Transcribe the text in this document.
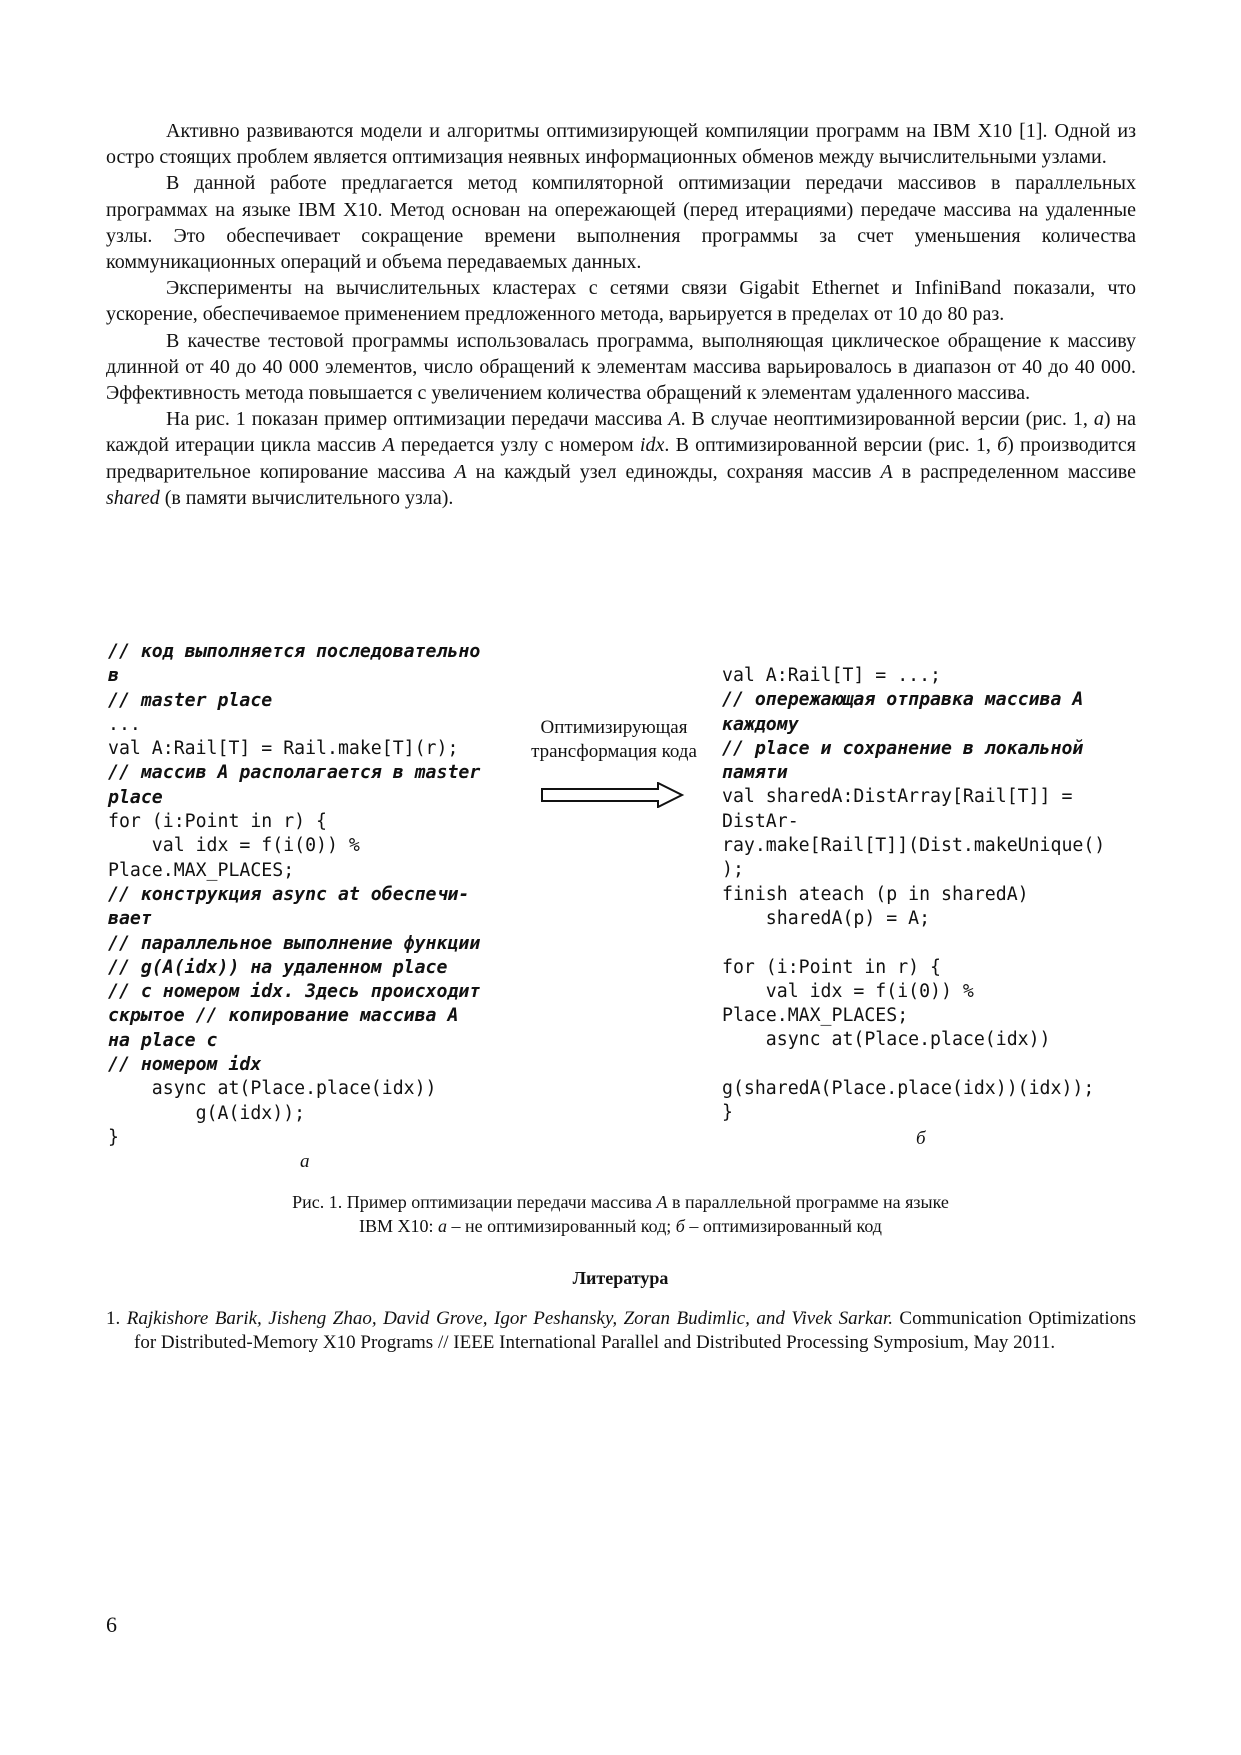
Активно развиваются модели и алгоритмы оптимизирующей компиляции программ на IBM X10 [1]. Одной из остро стоящих проблем является оптимизация неявных информационных обменов между вычислительными узлами.

В данной работе предлагается метод компиляторной оптимизации передачи массивов в параллельных программах на языке IBM X10. Метод основан на опережающей (перед итерациями) передаче массива на удаленные узлы. Это обеспечивает сокращение времени выполнения программы за счет уменьшения количества коммуникационных операций и объема передаваемых данных.

Эксперименты на вычислительных кластерах с сетями связи Gigabit Ethernet и InfiniBand показали, что ускорение, обеспечиваемое применением предложенного метода, варьируется в пределах от 10 до 80 раз.

В качестве тестовой программы использовалась программа, выполняющая циклическое обращение к массиву длинной от 40 до 40 000 элементов, число обращений к элементам массива варьировалось в диапазон от 40 до 40 000. Эффективность метода повышается с увеличением количества обращений к элементам удаленного массива.

На рис. 1 показан пример оптимизации передачи массива A. В случае неоптимизированной версии (рис. 1, а) на каждой итерации цикла массив A передается узлу с номером idx. В оптимизированной версии (рис. 1, б) производится предварительное копирование массива A на каждый узел единожды, сохраняя массив A в распределенном массиве shared (в памяти вычислительного узла).

// код выполняется последовательно
в
// master place
...
val A:Rail[T] = Rail.make[T](r);
// массив A располагается в master
place
for (i:Point in r) {
val idx = f(i(0)) %
Place.MAX_PLACES;
// конструкция async at обеспечи-
вает
// параллельное выполнение функции
// g(A(idx)) на удаленном place
// с номером idx. Здесь происходит
скрытое // копирование массива A
на place с
// номером idx
async at(Place.place(idx))
g(A(idx));
}
Оптимизирующая
трансформация кода
val A:Rail[T] = ...;
// опережающая отправка массива A
каждому
// place и сохранение в локальной
памяти
val sharedA:DistArray[Rail[T]] =
DistAr-
ray.make[Rail[T]](Dist.makeUnique()
);
finish ateach (p in sharedA)
sharedA(p) = A;

for (i:Point in r) {
val idx = f(i(0)) %
Place.MAX_PLACES;
async at(Place.place(idx))

g(sharedA(Place.place(idx))(idx));
}
а
б
Рис. 1. Пример оптимизации передачи массива A в параллельной программе на языке
IBM X10: а – не оптимизированный код; б – оптимизированный код
Литература
1. Rajkishore Barik, Jisheng Zhao, David Grove, Igor Peshansky, Zoran Budimlic, and Vivek Sarkar. Communication Optimizations for Distributed-Memory X10 Programs // IEEE International Parallel and Distributed Processing Symposium, May 2011.
6
